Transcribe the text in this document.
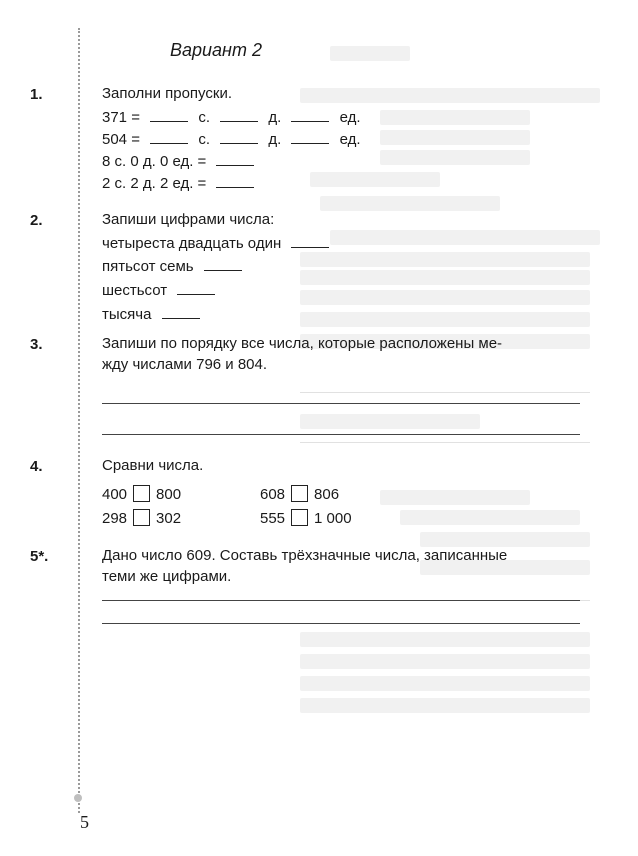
Вариант 2
1.	Заполни пропуски.
371 =	с.	д.	ед.
504 =	с.	д.	ед.
8 с. 0 д. 0 ед. =
2 с. 2 д. 2 ед. =
2.	Запиши цифрами числа:
четыреста двадцать один
пятьсот семь
шестьсот
тысяча
3.	Запиши по порядку все числа, которые расположены ме-
жду числами 796 и 804.
4.	Сравни числа.
400 800	608 806
298 302	555 1 000
5*.	Дано число 609. Составь трёхзначные числа, записанные
теми же цифрами.
5
